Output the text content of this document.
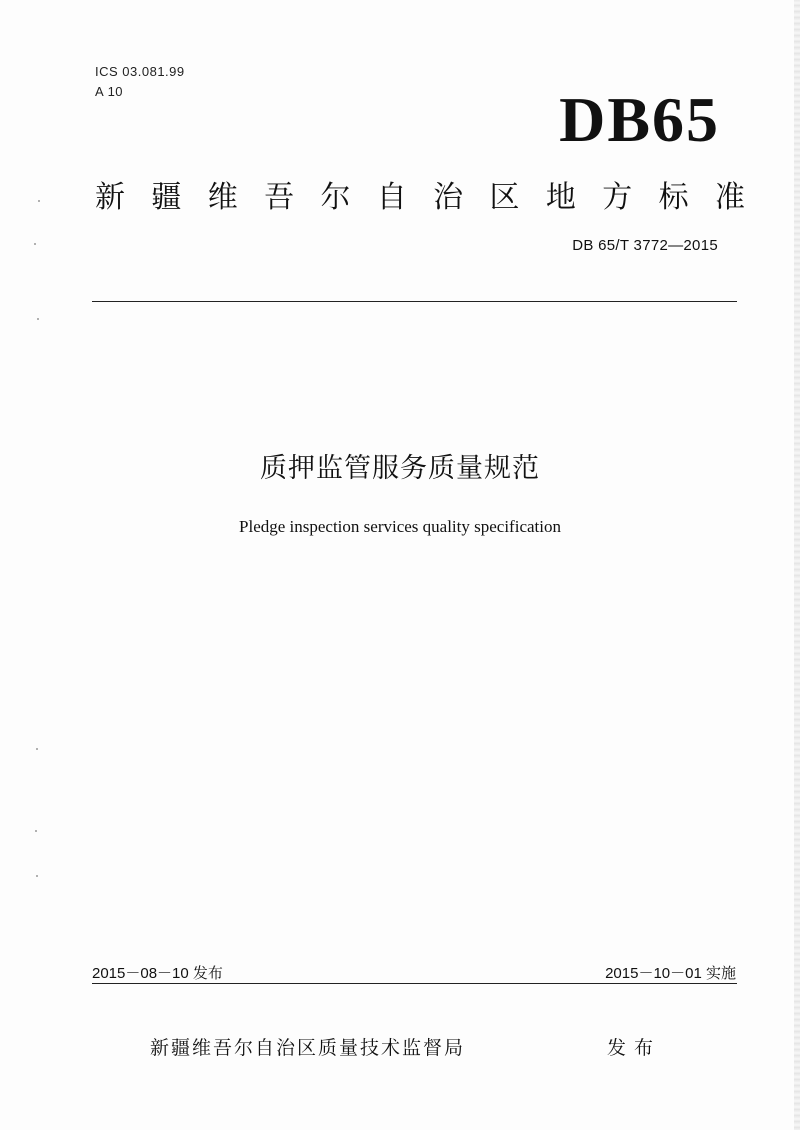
ICS 03.081.99
A 10	DB65
新 疆 维 吾 尔 自 治 区 地 方 标 准
DB 65/T 3772—2015
质押监管服务质量规范
Pledge inspection services quality specification
2015－08－10 发布	2015－10－01 实施
新疆维吾尔自治区质量技术监督局	发布
